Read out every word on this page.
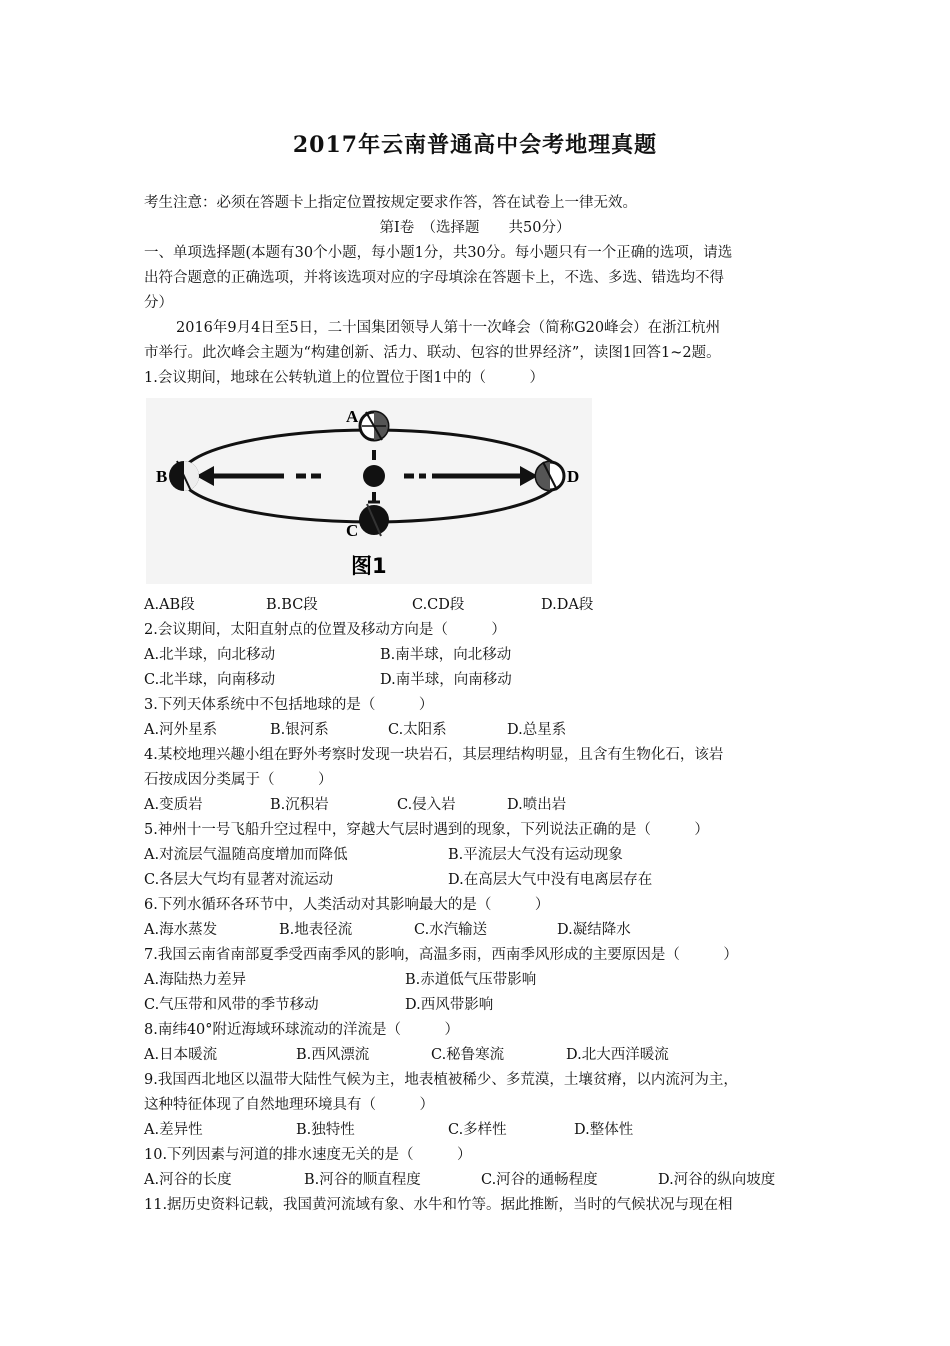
2017年云南普通高中会考地理真题
考生注意：必须在答题卡上指定位置按规定要求作答，答在试卷上一律无效。
第Ⅰ卷　（选择题　　共50分）
一、单项选择题(本题有30个小题，每小题1分，共30分。每小题只有一个正确的选项，请选
出符合题意的正确选项，并将该选项对应的字母填涂在答题卡上，不选、多选、错选均不得
分）
2016年9月4日至5日，二十国集团领导人第十一次峰会（简称G20峰会）在浙江杭州
市举行。此次峰会主题为“构建创新、活力、联动、包容的世界经济”，读图1回答1~2题。
1.会议期间，地球在公转轨道上的位置位于图1中的（　　　）
A
B
C
D
图1
A.AB段	B.BC段	C.CD段	D.DA段
2.会议期间，太阳直射点的位置及移动方向是（　　　）
A.北半球，向北移动	B.南半球，向北移动
C.北半球，向南移动	D.南半球，向南移动
3.下列天体系统中不包括地球的是（　　　）
A.河外星系	B.银河系	C.太阳系	D.总星系
4.某校地理兴趣小组在野外考察时发现一块岩石，其层理结构明显，且含有生物化石，该岩
石按成因分类属于（　　　）
A.变质岩	B.沉积岩	C.侵入岩	D.喷出岩
5.神州十一号飞船升空过程中，穿越大气层时遇到的现象，下列说法正确的是（　　　）
A.对流层气温随高度增加而降低	B.平流层大气没有运动现象
C.各层大气均有显著对流运动	D.在高层大气中没有电离层存在
6.下列水循环各环节中，人类活动对其影响最大的是（　　　）
A.海水蒸发	B.地表径流	C.水汽输送	D.凝结降水
7.我国云南省南部夏季受西南季风的影响，高温多雨，西南季风形成的主要原因是（　　　）
A.海陆热力差异	B.赤道低气压带影响
C.气压带和风带的季节移动	D.西风带影响
8.南纬40°附近海域环球流动的洋流是（　　　）
A.日本暖流	B.西风漂流	C.秘鲁寒流	D.北大西洋暖流
9.我国西北地区以温带大陆性气候为主，地表植被稀少、多荒漠，土壤贫瘠，以内流河为主，
这种特征体现了自然地理环境具有（　　　）
A.差异性	B.独特性	C.多样性	D.整体性
10.下列因素与河道的排水速度无关的是（　　　）
A.河谷的长度	B.河谷的顺直程度	C.河谷的通畅程度	D.河谷的纵向坡度
11.据历史资料记载，我国黄河流域有象、水牛和竹等。据此推断，当时的气候状况与现在相
